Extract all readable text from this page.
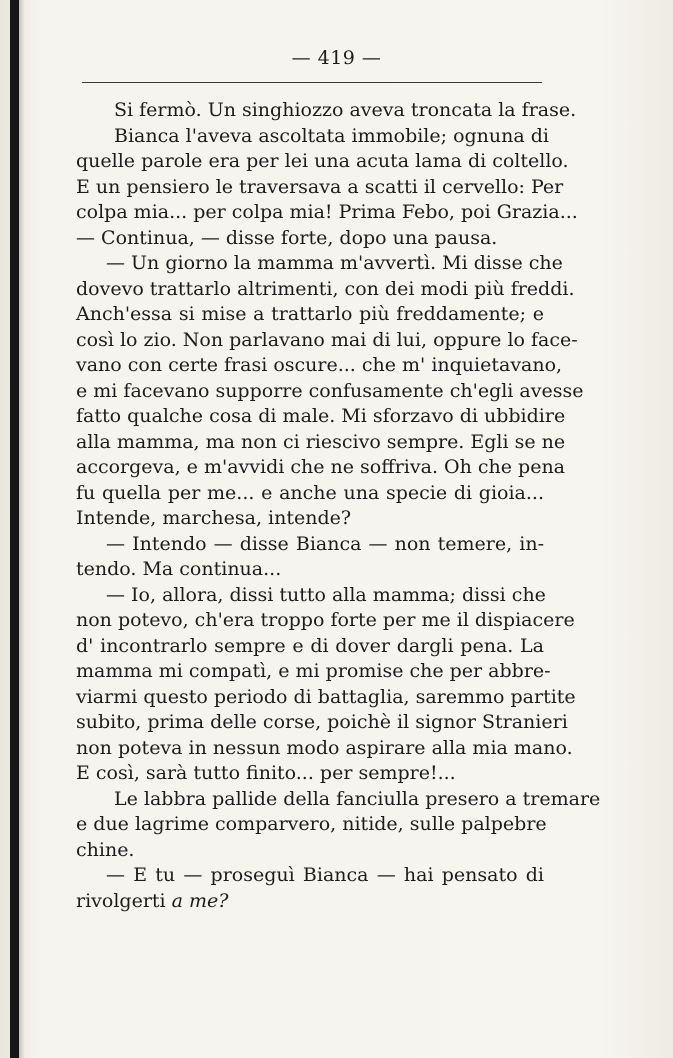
— 419 —
Si fermò. Un singhiozzo aveva troncata la frase.
Bianca l'aveva ascoltata immobile; ognuna di
quelle parole era per lei una acuta lama di coltello.
E un pensiero le traversava a scatti il cervello: Per
colpa mia... per colpa mia! Prima Febo, poi Grazia...
— Continua, — disse forte, dopo una pausa.
— Un giorno la mamma m'avvertì. Mi disse che
dovevo trattarlo altrimenti, con dei modi più freddi.
Anch'essa si mise a trattarlo più freddamente; e
così lo zio. Non parlavano mai di lui, oppure lo face-
vano con certe frasi oscure... che m' inquietavano,
e mi facevano supporre confusamente ch'egli avesse
fatto qualche cosa di male. Mi sforzavo di ubbidire
alla mamma, ma non ci riescivo sempre. Egli se ne
accorgeva, e m'avvidi che ne soffriva. Oh che pena
fu quella per me... e anche una specie di gioia...
Intende, marchesa, intende?
— Intendo — disse Bianca — non temere, in-
tendo. Ma continua...
— Io, allora, dissi tutto alla mamma; dissi che
non potevo, ch'era troppo forte per me il dispiacere
d' incontrarlo sempre e di dover dargli pena. La
mamma mi compatì, e mi promise che per abbre-
viarmi questo periodo di battaglia, saremmo partite
subito, prima delle corse, poichè il signor Stranieri
non poteva in nessun modo aspirare alla mia mano.
E così, sarà tutto finito... per sempre!...
Le labbra pallide della fanciulla presero a tremare
e due lagrime comparvero, nitide, sulle palpebre
chine.
— E tu — proseguì Bianca — hai pensato di
rivolgerti a me?
